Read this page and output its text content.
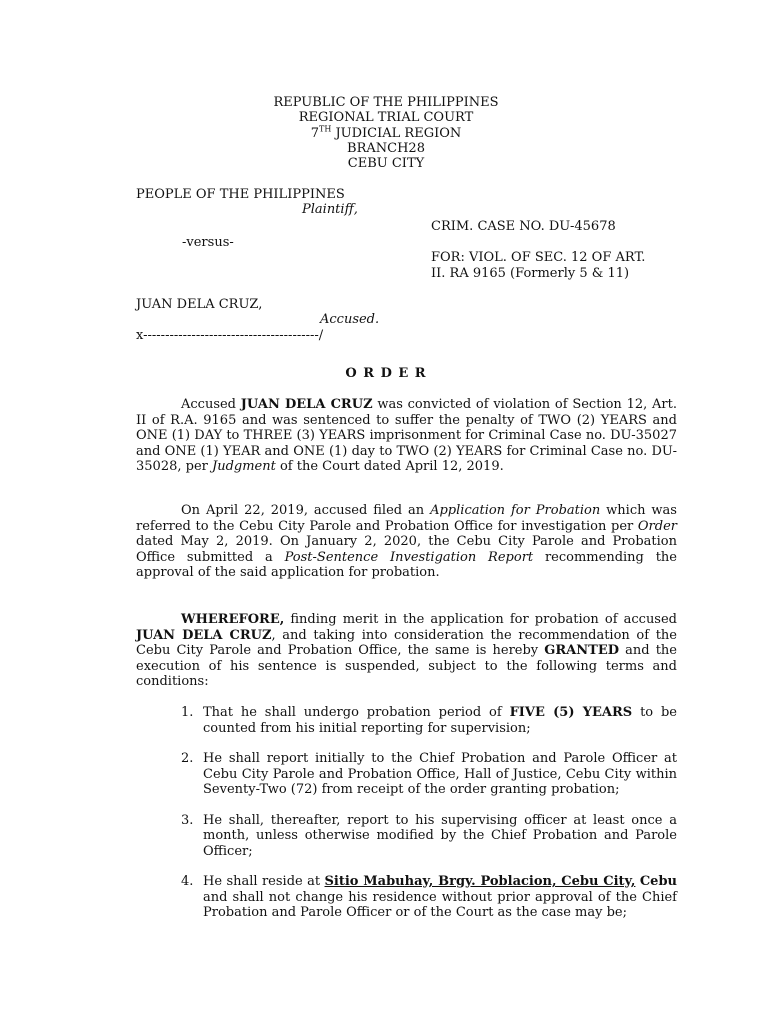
REPUBLIC OF THE PHILIPPINES
REGIONAL TRIAL COURT
7TH JUDICIAL REGION
BRANCH28
CEBU CITY
PEOPLE OF THE PHILIPPINES
Plaintiff,
CRIM. CASE NO. DU-45678
-versus-
FOR: VIOL. OF SEC. 12 OF ART.
II. RA 9165 (Formerly 5 & 11)
JUAN DELA CRUZ,
Accused.
x----------------------------------------/
O R D E R
Accused JUAN DELA CRUZ was convicted of violation of Section 12, Art. II of R.A. 9165 and was sentenced to suffer the penalty of TWO (2) YEARS and ONE (1) DAY to THREE (3) YEARS imprisonment for Criminal Case no. DU-35027 and ONE (1) YEAR and ONE (1) day to TWO (2) YEARS for Criminal Case no. DU-35028, per Judgment of the Court dated April 12, 2019.
On April 22, 2019, accused filed an Application for Probation which was referred to the Cebu City Parole and Probation Office for investigation per Order dated May 2, 2019. On January 2, 2020, the Cebu City Parole and Probation Office submitted a Post-Sentence Investigation Report recommending the approval of the said application for probation.
WHEREFORE, finding merit in the application for probation of accused JUAN DELA CRUZ, and taking into consideration the recommendation of the Cebu City Parole and Probation Office, the same is hereby GRANTED and the execution of his sentence is suspended, subject to the following terms and conditions:
1. That he shall undergo probation period of FIVE (5) YEARS to be counted from his initial reporting for supervision;
2. He shall report initially to the Chief Probation and Parole Officer at Cebu City Parole and Probation Office, Hall of Justice, Cebu City within Seventy-Two (72) from receipt of the order granting probation;
3. He shall, thereafter, report to his supervising officer at least once a month, unless otherwise modified by the Chief Probation and Parole Officer;
4. He shall reside at Sitio Mabuhay, Brgy. Poblacion, Cebu City, Cebu and shall not change his residence without prior approval of the Chief Probation and Parole Officer or of the Court as the case may be;
